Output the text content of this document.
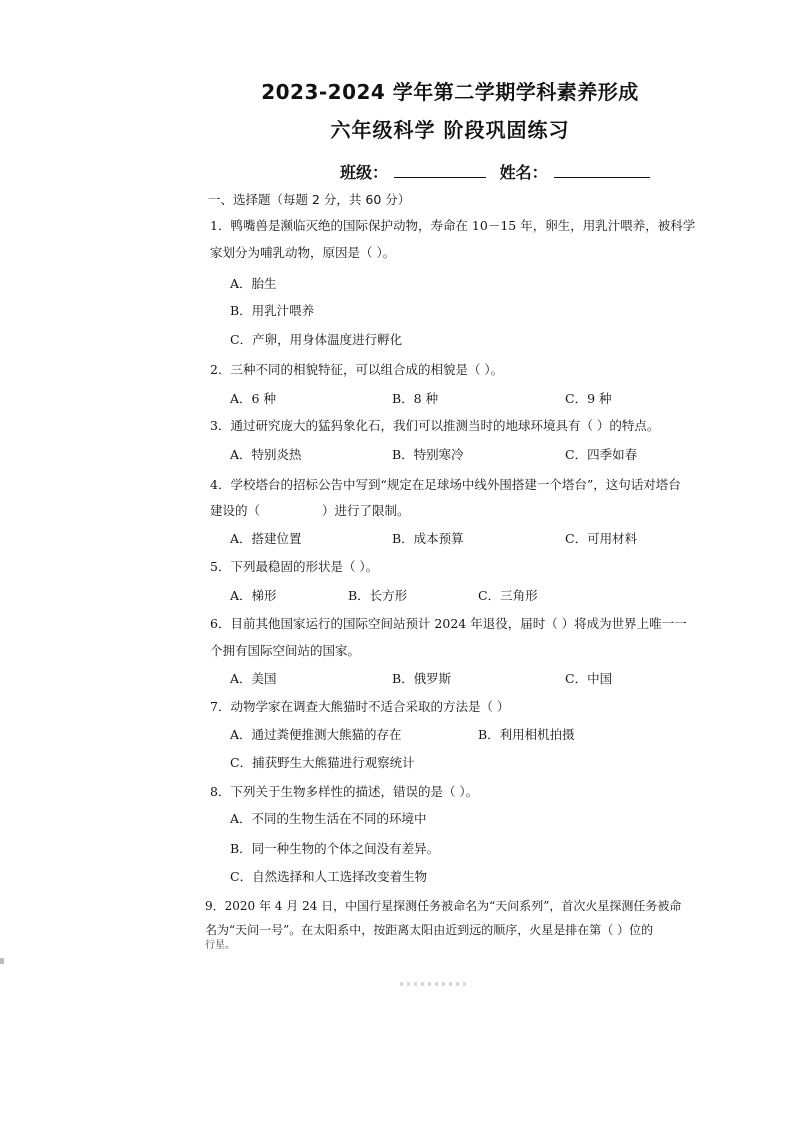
2023-2024 学年第二学期学科素养形成
六年级科学 阶段巩固练习
班级：	姓名：
一、选择题（每题 2 分，共 60 分）
1．鸭嘴兽是濒临灭绝的国际保护动物，寿命在 10－15 年，卵生，用乳汁喂养，被科学
家划分为哺乳动物，原因是（ ）。
A．胎生
B．用乳汁喂养
C．产卵，用身体温度进行孵化
2．三种不同的相貌特征，可以组合成的相貌是（ ）。
A．6 种	B．8 种	C．9 种
3．通过研究庞大的猛犸象化石，我们可以推测当时的地球环境具有（ ）的特点。
A．特别炎热	B．特别寒冷	C．四季如春
4．学校塔台的招标公告中写到“规定在足球场中线外围搭建一个塔台”，这句话对塔台
建设的（	）进行了限制。
A．搭建位置	B．成本预算	C．可用材料
5．下列最稳固的形状是（ ）。
A．梯形	B．长方形	C．三角形
6．目前其他国家运行的国际空间站预计 2024 年退役，届时（ ）将成为世界上唯一一
个拥有国际空间站的国家。
A．美国	B．俄罗斯	C．中国
7．动物学家在调查大熊猫时不适合采取的方法是（ ）
A．通过粪便推测大熊猫的存在	B．利用相机拍摄
C．捕获野生大熊猫进行观察统计
8．下列关于生物多样性的描述，错误的是（ ）。
A．不同的生物生活在不同的环境中
B．同一种生物的个体之间没有差异。
C．自然选择和人工选择改变着生物
9．2020 年 4 月 24 日，中国行星探测任务被命名为“天问系列”，首次火星探测任务被命
名为“天问一号”。在太阳系中，按距离太阳由近到远的顺序，火星是排在第（ ）位的
行星。
